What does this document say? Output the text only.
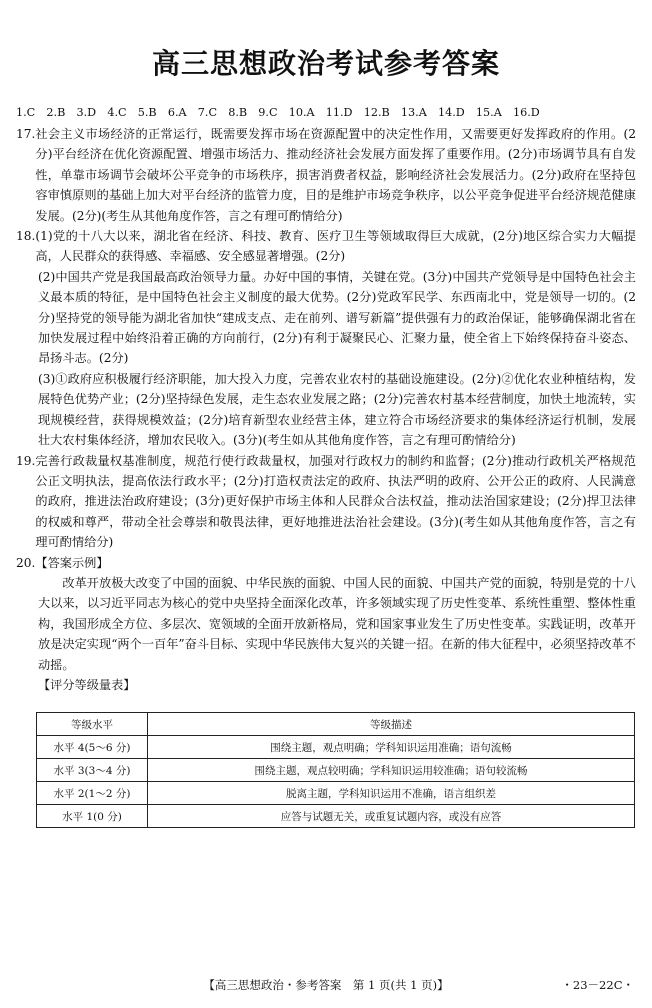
高三思想政治考试参考答案

1.C　2.B　3.D　4.C　5.B　6.A　7.C　8.B　9.C　10.A　11.D　12.B　13.A　14.D　15.A　16.D

17. 社会主义市场经济的正常运行，既需要发挥市场在资源配置中的决定性作用，又需要更好发挥政府的作用。(2分)平台经济在优化资源配置、增强市场活力、推动经济社会发展方面发挥了重要作用。(2分)市场调节具有自发性，单靠市场调节会破坏公平竞争的市场秩序，损害消费者权益，影响经济社会发展活力。(2分)政府在坚持包容审慎原则的基础上加大对平台经济的监管力度，目的是维护市场竞争秩序，以公平竞争促进平台经济规范健康发展。(2分)(考生从其他角度作答，言之有理可酌情给分)
18. (1)党的十八大以来，湖北省在经济、科技、教育、医疗卫生等领域取得巨大成就，(2分)地区综合实力大幅提高，人民群众的获得感、幸福感、安全感显著增强。(2分)

(2)中国共产党是我国最高政治领导力量。办好中国的事情，关键在党。(3分)中国共产党领导是中国特色社会主义最本质的特征，是中国特色社会主义制度的最大优势。(2分)党政军民学、东西南北中，党是领导一切的。(2分)坚持党的领导能为湖北省加快“建成支点、走在前列、谱写新篇”提供强有力的政治保证，能够确保湖北省在加快发展过程中始终沿着正确的方向前行，(2分)有利于凝聚民心、汇聚力量，使全省上下始终保持奋斗姿态、昂扬斗志。(2分)

(3)①政府应积极履行经济职能，加大投入力度，完善农业农村的基础设施建设。(2分)②优化农业种植结构，发展特色优势产业；(2分)坚持绿色发展，走生态农业发展之路；(2分)完善农村基本经营制度，加快土地流转，实现规模经营，获得规模效益；(2分)培育新型农业经营主体，建立符合市场经济要求的集体经济运行机制，发展壮大农村集体经济，增加农民收入。(3分)(考生如从其他角度作答，言之有理可酌情给分)

19. 完善行政裁量权基准制度，规范行使行政裁量权，加强对行政权力的制约和监督；(2分)推动行政机关严格规范公正文明执法，提高依法行政水平；(2分)打造权责法定的政府、执法严明的政府、公开公正的政府、人民满意的政府，推进法治政府建设；(3分)更好保护市场主体和人民群众合法权益，推动法治国家建设；(2分)捍卫法律的权威和尊严，带动全社会尊崇和敬畏法律，更好地推进法治社会建设。(3分)(考生如从其他角度作答，言之有理可酌情给分)
20. 【答案示例】

改革开放极大改变了中国的面貌、中华民族的面貌、中国人民的面貌、中国共产党的面貌，特别是党的十八大以来，以习近平同志为核心的党中央坚持全面深化改革，许多领域实现了历史性变革、系统性重塑、整体性重构，我国形成全方位、多层次、宽领域的全面开放新格局，党和国家事业发生了历史性变革。实践证明，改革开放是决定实现“两个一百年”奋斗目标、实现中华民族伟大复兴的关键一招。在新的伟大征程中，必须坚持改革不动摇。

【评分等级量表】

等级水平	等级描述
水平 4(5～6 分)	围绕主题，观点明确；学科知识运用准确；语句流畅
水平 3(3～4 分)	围绕主题，观点较明确；学科知识运用较准确；语句较流畅
水平 2(1～2 分)	脱离主题，学科知识运用不准确，语言组织差
水平 1(0 分)	应答与试题无关，或重复试题内容，或没有应答
【高三思想政治・参考答案　第 1 页(共 1 页)】	・23－22C・
